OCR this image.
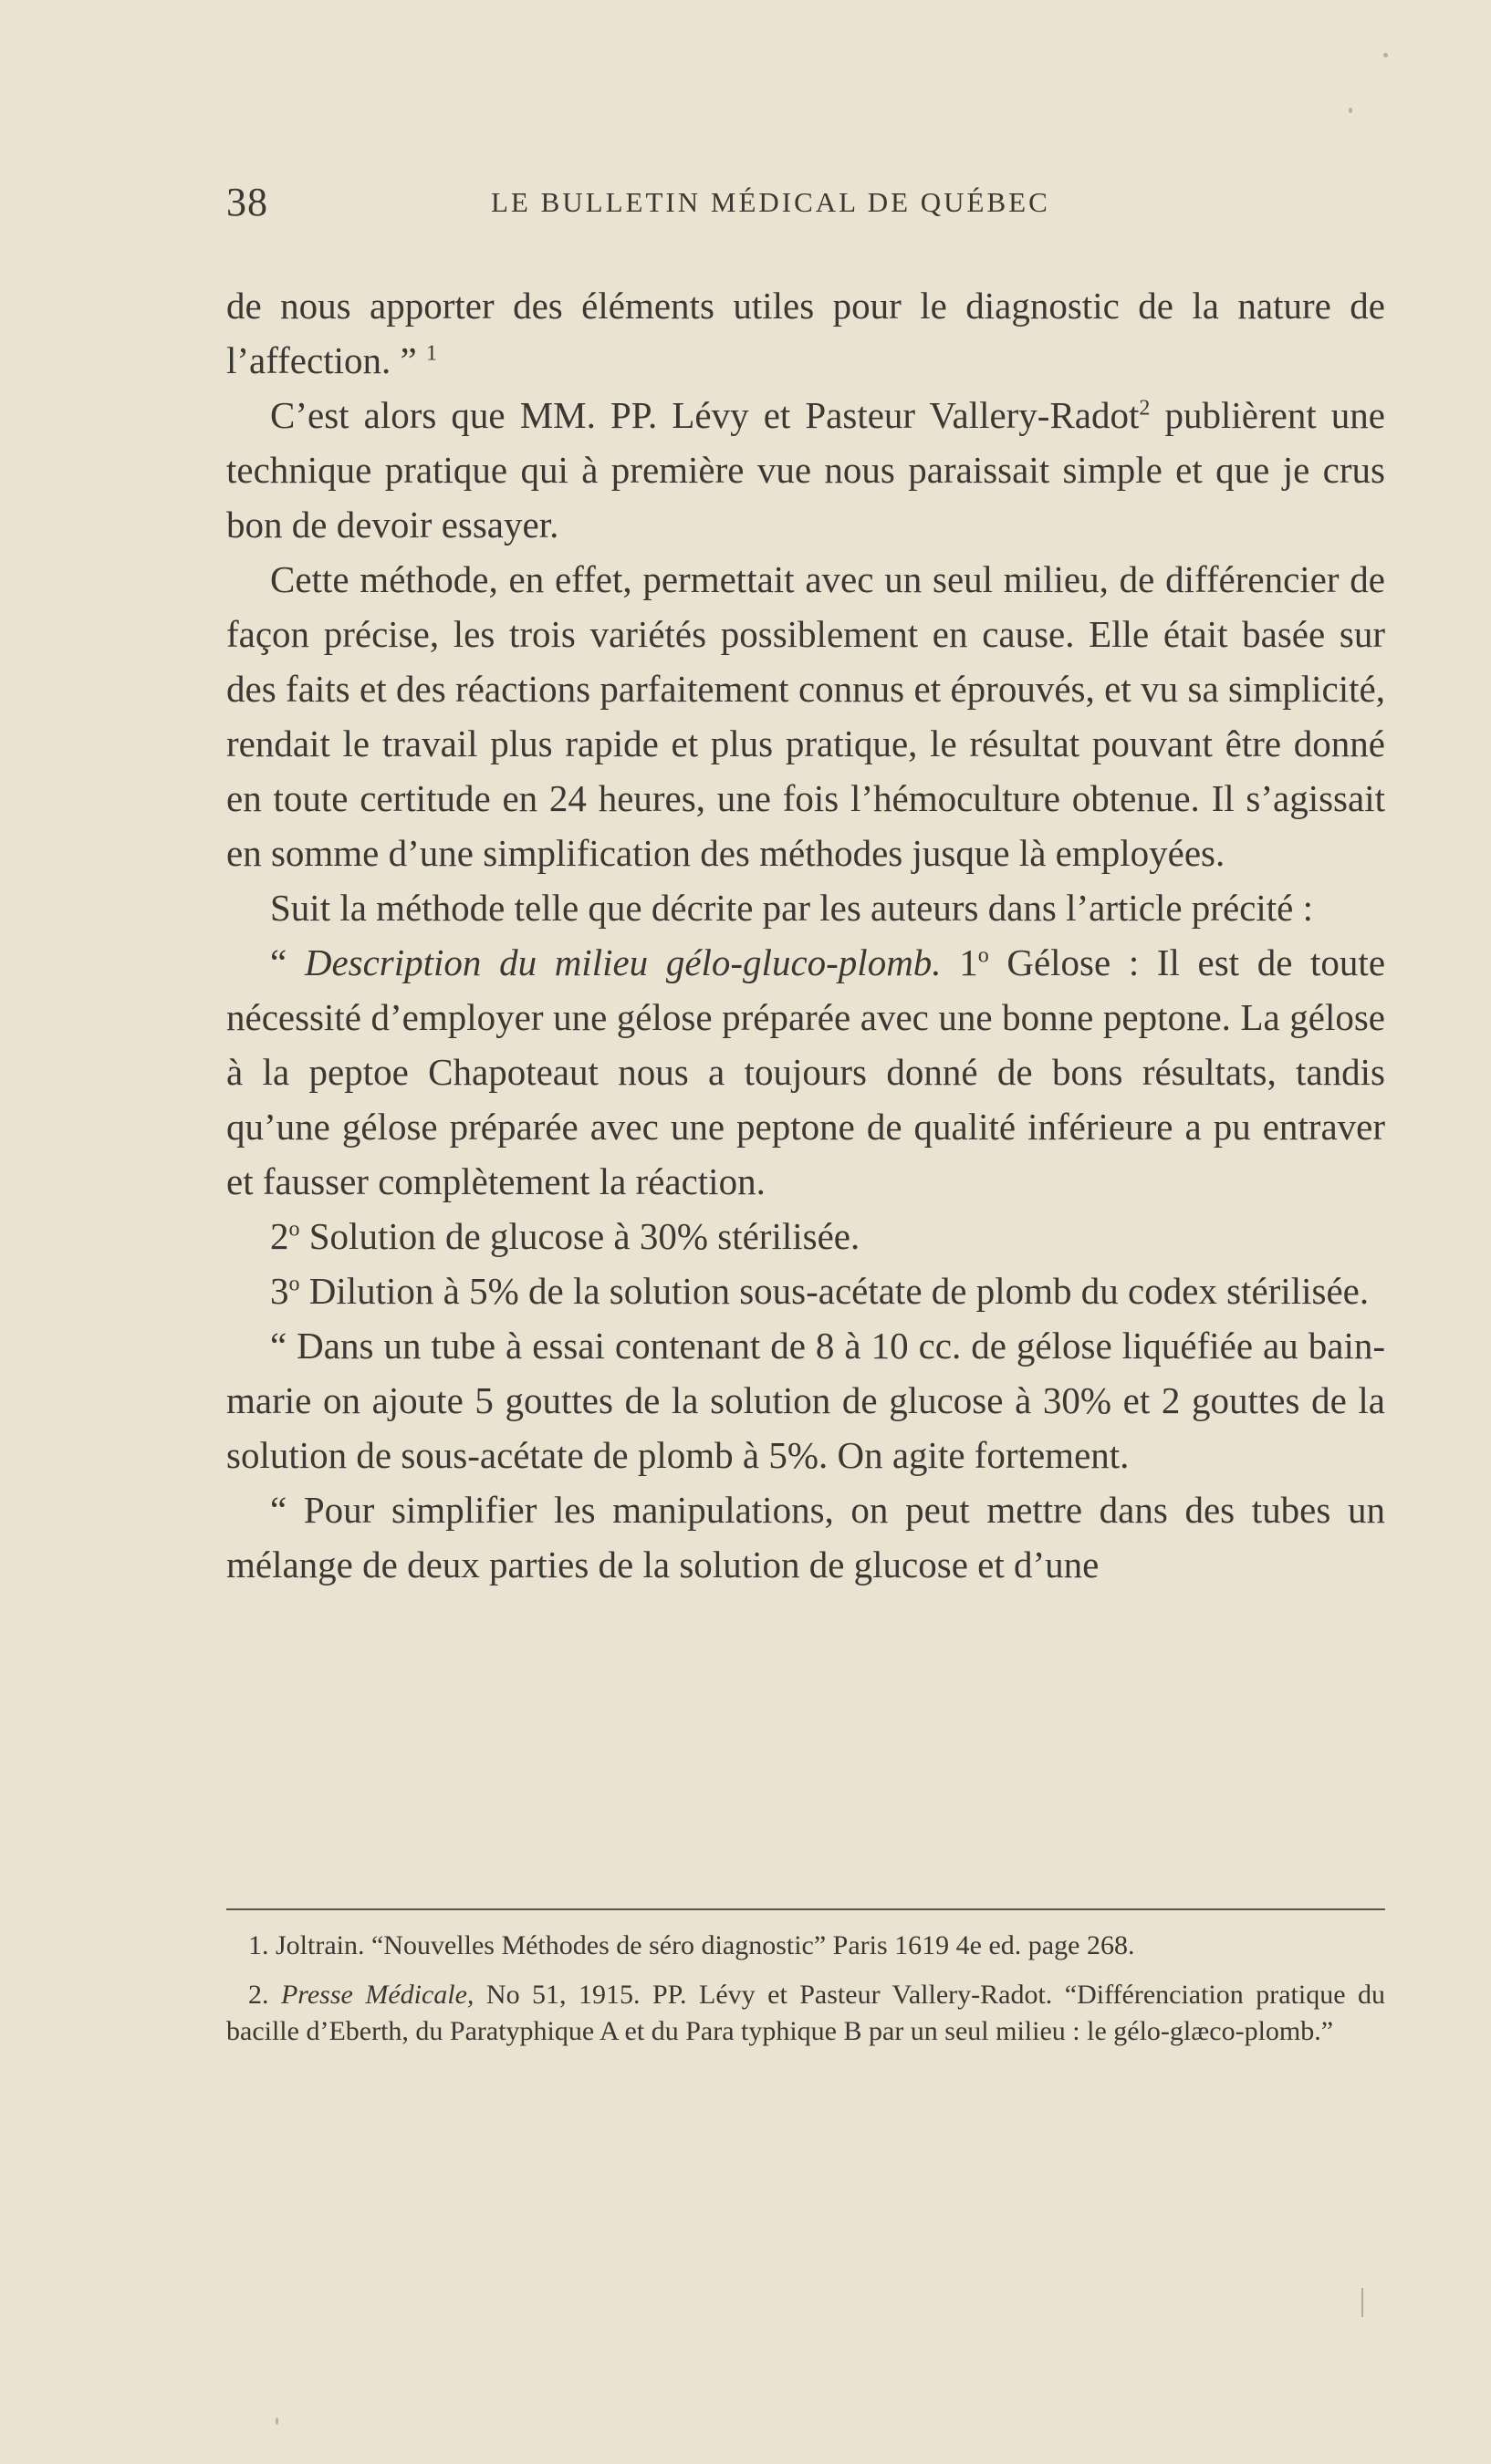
38	LE BULLETIN MÉDICAL DE QUÉBEC

de nous apporter des éléments utiles pour le diagnostic de la nature de l’affection. ” $^1$

C’est alors que MM. PP. Lévy et Pasteur Vallery-Radot$^2$ publièrent une technique pratique qui à première vue nous paraissait simple et que je crus bon de devoir essayer.

Cette méthode, en effet, permettait avec un seul milieu, de différencier de façon précise, les trois variétés possiblement en cause. Elle était basée sur des faits et des réactions parfaitement connus et éprouvés, et vu sa simplicité, rendait le travail plus rapide et plus pratique, le résultat pouvant être donné en toute certitude en 24 heures, une fois l’hémoculture obtenue. Il s’agissait en somme d’une simplification des méthodes jusque là employées.

Suit la méthode telle que décrite par les auteurs dans l’article précité :

“ Description du milieu gélo-gluco-plomb. 1$^o$ Gélose : Il est de toute nécessité d’employer une gélose préparée avec une bonne peptone. La gélose à la peptoe Chapoteaut nous a toujours donné de bons résultats, tandis qu’une gélose préparée avec une peptone de qualité inférieure a pu entraver et fausser complètement la réaction.

2$^o$ Solution de glucose à 30% stérilisée.

3$^o$ Dilution à 5% de la solution sous-acétate de plomb du codex stérilisée.

“ Dans un tube à essai contenant de 8 à 10 cc. de gélose liquéfiée au bain-marie on ajoute 5 gouttes de la solution de glucose à 30% et 2 gouttes de la solution de sous-acétate de plomb à 5%. On agite fortement.

“ Pour simplifier les manipulations, on peut mettre dans des tubes un mélange de deux parties de la solution de glucose et d’une

1. Joltrain. “Nouvelles Méthodes de séro diagnostic” Paris 1619 4e ed. page 268.

2. Presse Médicale, No 51, 1915. PP. Lévy et Pasteur Vallery-Radot. “Différenciation pratique du bacille d’Eberth, du Paratyphique A et du Para typhique B par un seul milieu : le gélo-glæco-plomb.”
